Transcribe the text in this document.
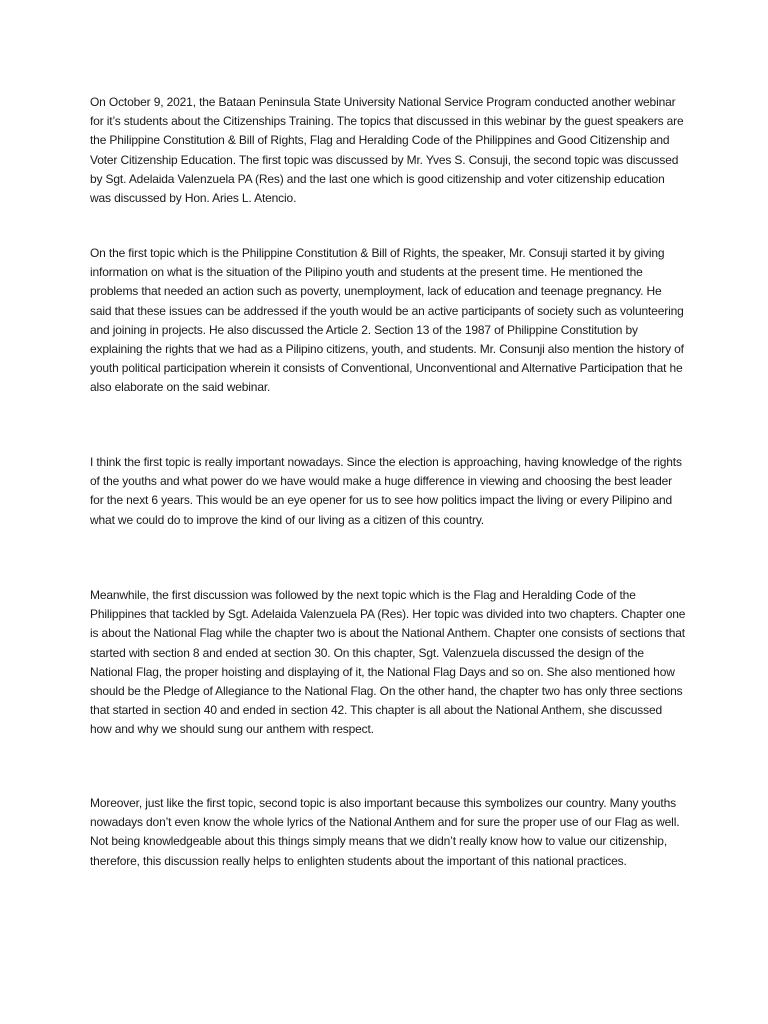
On October 9, 2021, the Bataan Peninsula State University National Service Program conducted another webinar for it’s students about the Citizenships Training. The topics that discussed in this webinar by the guest speakers are the Philippine Constitution & Bill of Rights, Flag and Heralding Code of the Philippines and Good Citizenship and Voter Citizenship Education. The first topic was discussed by Mr. Yves S. Consuji, the second topic was discussed by Sgt. Adelaida Valenzuela PA (Res) and the last one which is good citizenship and voter citizenship education was discussed by Hon. Aries L. Atencio.

On the first topic which is the Philippine Constitution & Bill of Rights, the speaker, Mr. Consuji started it by giving information on what is the situation of the Pilipino youth and students at the present time. He mentioned the problems that needed an action such as poverty, unemployment, lack of education and teenage pregnancy. He said that these issues can be addressed if the youth would be an active participants of society such as volunteering and joining in projects. He also discussed the Article 2. Section 13 of the 1987 of Philippine Constitution by explaining the rights that we had as a Pilipino citizens, youth, and students. Mr. Consunji also mention the history of youth political participation wherein it consists of Conventional, Unconventional and Alternative Participation that he also elaborate on the said webinar.

I think the first topic is really important nowadays. Since the election is approaching, having knowledge of the rights of the youths and what power do we have would make a huge difference in viewing and choosing the best leader for the next 6 years. This would be an eye opener for us to see how politics impact the living or every Pilipino and what we could do to improve the kind of our living as a citizen of this country.

Meanwhile, the first discussion was followed by the next topic which is the Flag and Heralding Code of the Philippines that tackled by Sgt. Adelaida Valenzuela PA (Res). Her topic was divided into two chapters. Chapter one is about the National Flag while the chapter two is about the National Anthem. Chapter one consists of sections that started with section 8 and ended at section 30. On this chapter, Sgt. Valenzuela discussed the design of the National Flag, the proper hoisting and displaying of it, the National Flag Days and so on. She also mentioned how should be the Pledge of Allegiance to the National Flag. On the other hand, the chapter two has only three sections that started in section 40 and ended in section 42. This chapter is all about the National Anthem, she discussed how and why we should sung our anthem with respect.

Moreover, just like the first topic, second topic is also important because this symbolizes our country. Many youths nowadays don’t even know the whole lyrics of the National Anthem and for sure the proper use of our Flag as well. Not being knowledgeable about this things simply means that we didn’t really know how to value our citizenship, therefore, this discussion really helps to enlighten students about the important of this national practices.
